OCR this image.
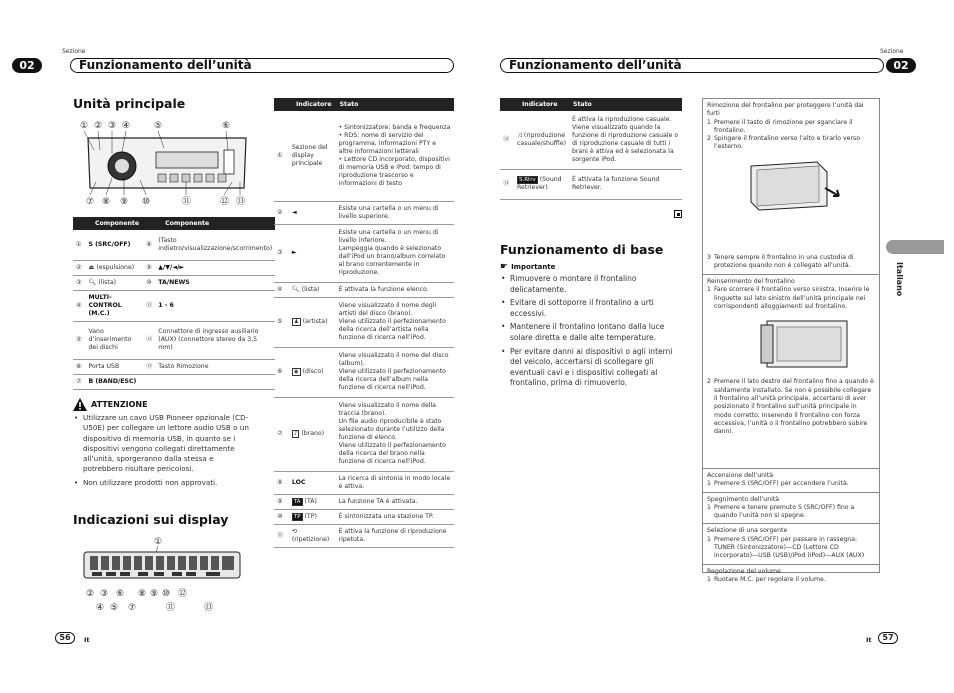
Sezione
02	Funzionamento dell’unità
Unità principale
① ② ③ ④	⑤	⑥
⑦ ⑧ ⑨ ⑩	⑪	⑫ ⑬
Componente		Componente	
①	S (SRC/OFF)	⑧	(Tasto indietro/visualizzazione/scorrimento)
②	⏏ (espulsione)	⑨	▲/▼/◄/►
③	🔍︎ (lista)	⑩	TA/NEWS
④	MULTI-CONTROL (M.C.)	⑪	1 - 6
⑤	Vano d’inserimento dei dischi	⑫	Connettore di ingresso ausiliario (AUX) (connettore stereo da 3,5 mm)
⑥	Porta USB	⑬	Tasto Rimozione
⑦	B (BAND/ESC)		
ATTENZIONE
• Utilizzare un cavo USB Pioneer opzionale (CD-U50E) per collegare un lettore audio USB o un dispositivo di memoria USB, in quanto se i dispositivi vengono collegati direttamente all’unità, sporgeranno dalla stessa e potrebbero risultare pericolosi.
• Non utilizzare prodotti non approvati.
Indicazioni sui display
①
② ③ ⑥ ⑧ ⑨ ⑩ ⑫
④ ⑤ ⑦	⑪	⑬
56	It
Indicatore		Stato
①	Sezione del display principale	• Sintonizzatore: banda e frequenza
• RDS: nome di servizio del programma, informazioni PTY e altre informazioni letterali
• Lettore CD incorporato, dispositivi di memoria USB e iPod: tempo di riproduzione trascorso e informazioni di testo
②	◄	Esiste una cartella o un menu di livello superiore.
③	►	Esiste una cartella o un menu di livello inferiore.
Lampeggia quando è selezionato dall’iPod un brano/album correlato al brano correntemente in riproduzione.
④	🔍︎ (lista)	È attivata la funzione elenco.
⑤	♟ (artista)	Viene visualizzato il nome degli artisti del disco (brano).
Viene utilizzato il perfezionamento della ricerca dell’artista nella funzione di ricerca nell’iPod.
⑥	◉ (disco)	Viene visualizzato il nome del disco (album).
Viene utilizzato il perfezionamento della ricerca dell’album nella funzione di ricerca nell’iPod.
⑦	♪ (brano)	Viene visualizzato il nome della traccia (brano).
Un file audio riproducibile è stato selezionato durante l’utilizzo della funzione di elenco.
Viene utilizzato il perfezionamento della ricerca del brano nella funzione di ricerca nell’iPod.
⑧	LOC	La ricerca di sintonia in modo locale è attiva.
⑨	TA (TA)	La funzione TA è attivata.
⑩	TP (TP)	È sintonizzata una stazione TP.
⑪	⟲ (ripetizione)	È attiva la funzione di riproduzione ripetuta.
Sezione
Funzionamento dell’unità	02
Indicatore		Stato
⑫	⤨ (riproduzione casuale/shuffle)	È attiva la riproduzione casuale. Viene visualizzato quando la funzione di riproduzione casuale o di riproduzione casuale di tutti i brani è attiva ed è selezionata la sorgente iPod.
⑬	S.Rtrv (Sound Retriever)	È attivata la funzione Sound Retriever.
Funzionamento di base
☛ Importante
• Rimuovere o montare il frontalino delicatamente.
• Evitare di sottoporre il frontalino a urti eccessivi.
• Mantenere il frontalino lontano dalla luce solare diretta e dalle alte temperature.
• Per evitare danni ai dispositivi o agli interni del veicolo, accertarsi di scollegare gli eventuali cavi e i dispositivi collegati al frontalino, prima di rimuoverlo.
Rimozione del frontalino per proteggere l’unità dai furti
1 Premere il tasto di rimozione per sganciare il frontalino.
2 Spingere il frontalino verso l’alto e tirarlo verso l’esterno.
3 Tenere sempre il frontalino in una custodia di protezione quando non è collegato all’unità.
Reinserimento del frontalino
1 Fare scorrere il frontalino verso sinistra. Inserire le linguette sul lato sinistro dell’unità principale nei corrispondenti alloggiamenti sul frontalino.
2 Premere il lato destro del frontalino fino a quando è saldamente installato. Se non è possibile collegare il frontalino all’unità principale, accertarsi di aver posizionato il frontalino sull’unità principale in modo corretto. Inserendo il frontalino con forza eccessiva, l’unità o il frontalino potrebbero subire danni.
Accensione dell’unità
1 Premere S (SRC/OFF) per accendere l’unità.
Spegnimento dell’unità
1 Premere e tenere premuto S (SRC/OFF) fino a quando l’unità non si spegne.
Selezione di una sorgente
1 Premere S (SRC/OFF) per passare in rassegna: TUNER (Sintonizzatore)—CD (Lettore CD incorporato)—USB (USB)/iPod (iPod)—AUX (AUX)
Regolazione del volume
1 Ruotare M.C. per regolare il volume.
Italiano
It	57
